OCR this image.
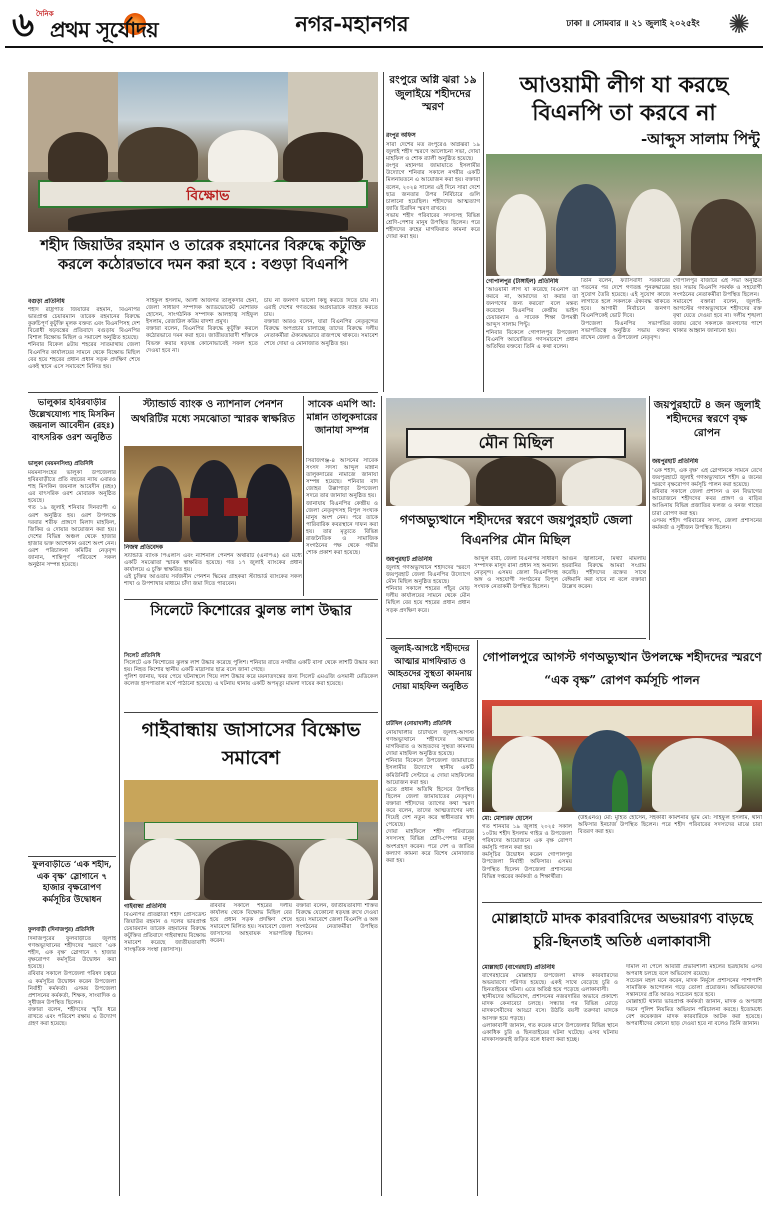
৬ দৈনিক
প্রথম সূর্যোদয়	নগর-মহানগর	ঢাকা ॥ সোমবার ॥ ২১ জুলাই ২০২৫ইং	✺
বিক্ষোভ
শহীদ জিয়াউর রহমান ও তারেক রহমানের বিরুদ্ধে কটুক্তি করলে কঠোরভাবে দমন করা হবে : বগুড়া বিএনপি
বগুড়া প্রতিনিধি
শহীদ রাষ্ট্রপতি জিয়াউর রহমান, বিএনপির ভারপ্রাপ্ত চেয়ারম্যান তারেক রহমানের বিরুদ্ধে কুরুচিপূর্ণ কুটুক্তি মূলক বক্তব্য এবং বিএনপিসহ দেশ বিরোধী ষড়যন্ত্রের প্রতিবাদে বগুড়ায় বিএনপির বিশাল বিক্ষোভ মিছিল ও সমাবেশ অনুষ্ঠিত হয়েছে।
শনিবার বিকেল ৪টায় শহরের সাতমাথায় জেলা বিএনপির কার্যালয়ের সামনে থেকে বিক্ষোভ মিছিল বের হয়ে শহরের প্রধান প্রধান সড়ক প্রদক্ষিণ শেষে একই স্থানে এসে সমাবেশে মিলিত হয়।
সাইফুল ইসলাম, আলী আজগর তালুকদার হেনা, জেলা সাধারণ সম্পাদক অ্যাডভোকেট মোশারফ হোসেন, সাংগঠনিক সম্পাদক আলহাজ্ব সাইফুল ইসলাম, রেজাউল করিম বাদশা প্রমুখ।
বক্তারা বলেন, বিএনপির বিরুদ্ধে কুটুক্তি করলে কঠোরভাবে দমন করা হবে। জাতীয়তাবাদী শক্তিকে বিভক্ত করার ষড়যন্ত্র কোনোভাবেই সফল হতে দেওয়া হবে না।
চায় না জনগণ ভালো কিছু করতে দিতে চায় না। এরাই দেশের গণতন্ত্রের অগ্রযাত্রাকে ব্যাহত করতে চায়।
বক্তারা আরও বলেন, যারা বিএনপির নেতৃবৃন্দের বিরুদ্ধে অপপ্রচার চালাচ্ছে তাদের বিরুদ্ধে দলীয় নেতাকর্মীরা ঐক্যবদ্ধভাবে রাজপথে থাকবে। সমাবেশ শেষে দোয়া ও মোনাজাত অনুষ্ঠিত হয়।
রংপুরে অগ্নি ঝরা ১৯ জুলাইয়ে শহীদদের স্মরণ
রংপুর অফিস
সারা দেশের মত রংপুরেও অগ্নিঝরা ১৯ জুলাই শহীদ স্মরণে আলোচনা সভা, দোয়া মাহফিল ও শোক র‍্যালী অনুষ্ঠিত হয়েছে।
রংপুর মহানগর জামায়াতে ইসলামীর উদ্যোগে শনিবার সকালে নগরীর একটি মিলনায়তনে এ আয়োজন করা হয়। বক্তারা বলেন, ২০২৪ সালের এই দিনে সারা দেশে ছাত্র জনতার উপর নির্বিচারে গুলি চালানো হয়েছিল। শহীদদের আত্মত্যাগ জাতি চিরদিন স্মরণ রাখবে।
সভায় শহীদ পরিবারের সদস্যসহ বিভিন্ন শ্রেণি-পেশার মানুষ উপস্থিত ছিলেন। পরে শহীদদের রুহের মাগফিরাত কামনা করে দোয়া করা হয়।
আওয়ামী লীগ যা করছে
বিএনপি তা করবে না
-আব্দুস সালাম পিন্টু
গোপালপুর (টাঙ্গাইল) প্রতিনিধি
‘আওয়ামী লীগ যা করেছে বিএনপি তা করবে না, আমাদের যা করার তা জনগণের জন্য করবো’ বলে মন্তব্য করেছেন বিএনপির কেন্দ্রীয় ভাইস চেয়ারম্যান ও সাবেক শিক্ষা উপমন্ত্রী আব্দুস সালাম পিন্টু।
শনিবার বিকেলে গোপালপুর উপজেলা বিএনপি আয়োজিত গণসমাবেশে প্রধান অতিথির বক্তব্যে তিনি এ কথা বলেন।
তিনি বলেন, ফ্যাসিবাদী সরকারের পতনের পর দেশে গণতন্ত্র পুনরুদ্ধারের সুযোগ তৈরি হয়েছে। এই সুযোগ কাজে লাগাতে হলে সকলকে ঐক্যবদ্ধ থাকতে হবে। আগামী নির্বাচনে জনগণ বিএনপিকেই ভোট দিবে।
উপজেলা বিএনপির সভাপতির সভাপতিত্বে অনুষ্ঠিত সভায় বক্তব্য রাখেন জেলা ও উপজেলা নেতৃবৃন্দ।
গোপালপুর বাজারে এই সভা অনুষ্ঠিত হয়। সভায় বিএনপি সমর্থক ও সহযোগী সংগঠনের নেতাকর্মীরা উপস্থিত ছিলেন।
সমাবেশে বক্তারা বলেন, জুলাই-আগস্টের গণঅভ্যুত্থানে শহীদদের রক্ত বৃথা যেতে দেওয়া হবে না। দলীয় শৃঙ্খলা বজায় রেখে সকলকে জনগণের পাশে থাকার আহ্বান জানানো হয়।
ভালুকার হবিরবাড়ীর উল্লেখযোগ্য শাহ মিসকিন জয়নাল আবেদীন (রহঃ) বাৎসরিক ওরশ অনুষ্ঠিত
ভালুকা (ময়মনসিংহ) প্রতিনিধি
ময়মনসিংহের ভালুকা উপজেলার হবিরবাড়ীতে প্রতি বছরের ন্যায় এবারও শাহ মিসকিন জয়নাল আবেদীন (রহঃ) এর বাৎসরিক ওরশ মোবারক অনুষ্ঠিত হয়েছে।
গত ১৯ জুলাই শনিবার দিনব্যাপী এ ওরশ অনুষ্ঠিত হয়। ওরশ উপলক্ষে দরবার শরীফ প্রাঙ্গণে মিলাদ মাহফিল, জিকির ও দোয়ার আয়োজন করা হয়। দেশের বিভিন্ন অঞ্চল থেকে হাজার হাজার ভক্ত আশেকান ওরশে অংশ নেন।
ওরশ পরিচালনা কমিটির নেতৃবৃন্দ জানান, শান্তিপূর্ণ পরিবেশে সকল অনুষ্ঠান সম্পন্ন হয়েছে।
ফুলবাড়ীতে ‘এক শহীদ, এক বৃক্ষ’ স্লোগানে ৭ হাজার বৃক্ষরোপণ কর্মসূচির উদ্বোধন
ফুলবাড়ী (দিনাজপুর) প্রতিনিধি
দিনাজপুরের ফুলবাড়ীতে জুলাই গণঅভ্যুত্থানের শহীদদের স্মরণে ‘এক শহীদ, এক বৃক্ষ’ স্লোগানে ৭ হাজার বৃক্ষরোপণ কর্মসূচির উদ্বোধন করা হয়েছে।
রবিবার সকালে উপজেলা পরিষদ চত্বরে এ কর্মসূচির উদ্বোধন করেন উপজেলা নির্বাহী কর্মকর্তা। এসময় উপজেলা প্রশাসনের কর্মকর্তা, শিক্ষক, সাংবাদিক ও সুধীজন উপস্থিত ছিলেন।
বক্তারা বলেন, শহীদদের স্মৃতি ধরে রাখতে এবং পরিবেশ রক্ষায় এ উদ্যোগ গ্রহণ করা হয়েছে।
স্ট্যান্ডার্ড ব্যাংক ও ন্যাশনাল পেনশন অথরিটির মধ্যে সমঝোতা স্মারক স্বাক্ষরিত
নিজস্ব প্রতিবেদক
স্ট্যান্ডার্ড ব্যাংক পিএলসি এবং ন্যাশনাল পেনশন অথরিটি (এনপিএ) এর মধ্যে একটি সমঝোতা স্মারক স্বাক্ষরিত হয়েছে। গত ১৭ জুলাই ব্যাংকের প্রধান কার্যালয়ে এ চুক্তি স্বাক্ষরিত হয়।
এই চুক্তির আওতায় সর্বজনীন পেনশন স্কিমের গ্রাহকরা স্ট্যান্ডার্ড ব্যাংকের সকল শাখা ও উপশাখার মাধ্যমে চাঁদা জমা দিতে পারবেন।
সাবেক এমপি আ: মান্নান তালুকদারের জানাযা সম্পন্ন
সিরাজগঞ্জ-৪ আসনের সাবেক সংসদ সদস্য আব্দুল মান্নান তালুকদারের নামাজে জানাযা সম্পন্ন হয়েছে। শনিবার বাদ জোহর উল্লাপাড়া উপজেলা সদরে তার জানাযা অনুষ্ঠিত হয়।
জানাযায় বিএনপির কেন্দ্রীয় ও জেলা নেতৃবৃন্দসহ বিপুল সংখ্যক মানুষ অংশ নেন। পরে তাকে পারিবারিক কবরস্থানে দাফন করা হয়। তার মৃত্যুতে বিভিন্ন রাজনৈতিক ও সামাজিক সংগঠনের পক্ষ থেকে গভীর শোক প্রকাশ করা হয়েছে।
সিলেটে কিশোরের ঝুলন্ত লাশ উদ্ধার

সিলেট প্রতিনিধি
সিলেটে এক কিশোরের ঝুলন্ত লাশ উদ্ধার করেছে পুলিশ। শনিবার রাতে নগরীর একটি বাসা থেকে লাশটি উদ্ধার করা হয়। নিহত কিশোর স্থানীয় একটি মাদ্রাসার ছাত্র বলে জানা গেছে।
পুলিশ জানায়, খবর পেয়ে ঘটনাস্থলে গিয়ে লাশ উদ্ধার করে ময়নাতদন্তের জন্য সিলেট এমএজি ওসমানী মেডিকেল কলেজ হাসপাতাল মর্গে পাঠানো হয়েছে। এ ঘটনায় থানায় একটি অপমৃত্যু মামলা দায়ের করা হয়েছে।

গাইবান্ধায় জাসাসের বিক্ষোভ সমাবেশ
গাইবান্ধা প্রতিনিধি
বিএনপির প্রতিষ্ঠাতা শহীদ প্রেসিডেন্ট জিয়াউর রহমান ও দলের ভারপ্রাপ্ত চেয়ারম্যান তারেক রহমানের বিরুদ্ধে কটুক্তির প্রতিবাদে গাইবান্ধায় বিক্ষোভ সমাবেশ করেছে জাতীয়তাবাদী সাংস্কৃতিক সংস্থা (জাসাস)।
রবিবার সকালে শহরের দলীয় কার্যালয় থেকে বিক্ষোভ মিছিল বের হয়ে প্রধান সড়ক প্রদক্ষিণ শেষে সমাবেশে মিলিত হয়। সমাবেশে জেলা জাসাসের আহবায়ক সভাপতিত্ব করেন।
বক্তারা বলেন, জাতীয়তাবাদী শক্তির বিরুদ্ধে যেকোনো ষড়যন্ত্র রুখে দেওয়া হবে। সমাবেশে জেলা বিএনপি ও অঙ্গ সংগঠনের নেতাকর্মীরা উপস্থিত ছিলেন।
মৌন মিছিল
গণঅভ্যুত্থানে শহীদদের স্বরণে জয়পুরহাট জেলা বিএনপির মৌন মিছিল
জয়পুরহাট প্রতিনিধি
জুলাই গণঅভ্যুত্থানে শহীদদের স্মরণে জয়পুরহাট জেলা বিএনপির উদ্যোগে মৌন মিছিল অনুষ্ঠিত হয়েছে।
শনিবার সকালে শহরের পাঁচুর মোড় দলীয় কার্যালয়ের সামনে থেকে মৌন মিছিল বের হয়ে শহরের প্রধান প্রধান সড়ক প্রদক্ষিণ করে।
আব্দুল বারী, জেলা বিএনপির সাধারণ সম্পাদক মাসুদ রানা প্রধান সহ অন্যান্য নেতৃবৃন্দ। এসময় জেলা বিএনপিসহ অঙ্গ ও সহযোগী সংগঠনের বিপুল সংখ্যক নেতাকর্মী উপস্থিত ছিলেন।
আগুন জ্বালানো, মিথ্যা মামলায় হয়রানির বিরুদ্ধে আমরা সংগ্রাম করেছি। শহীদদের রক্তের সাথে বেঈমানি করা যাবে না বলে বক্তারা উল্লেখ করেন।
জয়পুরহাটে ৪ জন জুলাই শহীদদের স্বরণে বৃক্ষ রোপন
জয়পুরহাট প্রতিনিধি
‘এক শহীদ, এক বৃক্ষ’ এই স্লোগানকে সামনে রেখে জয়পুরহাটে জুলাই গণঅভ্যুত্থানে শহীদ ৪ জনের স্মরণে বৃক্ষরোপণ কর্মসূচি পালন করা হয়েছে।
রবিবার সকালে জেলা প্রশাসন ও বন বিভাগের আয়োজনে শহীদদের কবর প্রাঙ্গণ ও বাড়ির আঙিনায় বিভিন্ন প্রজাতির ফলজ ও বনজ গাছের চারা রোপণ করা হয়।
এসময় শহীদ পরিবারের সদস্য, জেলা প্রশাসনের কর্মকর্তা ও সুধীজন উপস্থিত ছিলেন।
জুলাই-আগষ্টে শহীদদের আত্মার মাগফিরাত ও আহতদের সুস্থতা কামনায় দোয়া মাহফিল অনুষ্ঠিত
চাটখিল (নোয়াখালী) প্রতিনিধি
নোয়াখালীর চাটখিলে জুলাই-আগস্ট গণঅভ্যুত্থানে শহীদদের আত্মার মাগফিরাত ও আহতদের সুস্থতা কামনায় দোয়া মাহফিল অনুষ্ঠিত হয়েছে।
শনিবার বিকেলে উপজেলা জামায়াতে ইসলামীর উদ্যোগে স্থানীয় একটি কমিউনিটি সেন্টারে এ দোয়া মাহফিলের আয়োজন করা হয়।
এতে প্রধান অতিথি হিসেবে উপস্থিত ছিলেন জেলা জামায়াতের নেতৃবৃন্দ। বক্তারা শহীদদের ত্যাগের কথা স্মরণ করে বলেন, তাদের আত্মত্যাগের মধ্য দিয়েই দেশ নতুন করে স্বাধীনতার স্বাদ পেয়েছে।
দোয়া মাহফিলে শহীদ পরিবারের সদস্যসহ বিভিন্ন শ্রেণি-পেশার মানুষ অংশগ্রহণ করেন। পরে দেশ ও জাতির কল্যাণ কামনা করে বিশেষ মোনাজাত করা হয়।
গোপালপুরে আগস্ট গণঅভ্যুত্থান উপলক্ষে শহীদদের স্মরণে “এক বৃক্ষ” রোপণ কর্মসূচি পালন
মো: মোশারফ হোসেন
গত শনিবার ১৯ জুলাই ২০২৫ সকাল ১০টায় শহীদ ইসলাম গাইড ও উপজেলা পরিষদের আয়োজনে এক বৃক্ষ রোপণ কর্মসূচি পালন করা হয়।
কর্মসূচির উদ্বোধন করেন গোপালপুর উপজেলা নির্বাহী অফিসার। এসময় উপস্থিত ছিলেন উপজেলা প্রশাসনের বিভিন্ন দপ্তরের কর্মকর্তা ও শিক্ষার্থীরা।
(উইএনও) মো: মুহিত হোসেন, সহকারী কমিশনার ভূমি মো: সাইফুল ইসলাম, থানা অফিসার ইনচার্জ উপস্থিত ছিলেন। পরে শহীদ পরিবারের সদস্যদের মাঝে চারা বিতরণ করা হয়।
মোল্লাহাটে মাদক কারবারিদের অভয়ারণ্য বাড়ছে চুরি-ছিনতাই অতিষ্ঠ এলাকাবাসী
মোল্লাহাট (বাগেরহাট) প্রতিনিধি
বাগেরহাটের মোল্লাহাট উপজেলা মাদক কারবারিদের অভয়ারণ্যে পরিণত হয়েছে। একই সাথে বেড়েছে চুরি ও ছিনতাইয়ের ঘটনা। এতে অতিষ্ঠ হয়ে পড়েছে এলাকাবাসী।
স্থানীয়দের অভিযোগ, প্রশাসনের নজরদারির অভাবে প্রকাশ্যে মাদক কেনাবেচা চলছে। সন্ধ্যার পর বিভিন্ন মোড়ে মাদকসেবীদের আড্ডা বসে। উঠতি বয়সী তরুণরা মাদকে আসক্ত হয়ে পড়ছে।
এলাকাবাসী জানান, গত কয়েক মাসে উপজেলার বিভিন্ন স্থানে একাধিক চুরি ও ছিনতাইয়ের ঘটনা ঘটেছে। এসব ঘটনায় মাদকাসক্তরাই জড়িত বলে ধারণা করা হচ্ছে।
দামাল না পেলে আবারী প্রভাবশালী মহলের ছত্রছায়ায় এসব অপরাধ চলছে বলে অভিযোগ রয়েছে।
সচেতন মহল মনে করেন, মাদক নির্মূলে প্রশাসনের পাশাপাশি সামাজিক আন্দোলন গড়ে তোলা প্রয়োজন। অভিভাবকদের সন্তানদের প্রতি আরও সচেতন হতে হবে।
মোল্লাহাট থানার ভারপ্রাপ্ত কর্মকর্তা জানান, মাদক ও অপরাধ দমনে পুলিশ নিয়মিত অভিযান পরিচালনা করছে। ইতোমধ্যে বেশ কয়েকজন মাদক কারবারিকে আটক করা হয়েছে। অপরাধীদের কোনো ছাড় দেওয়া হবে না বলেও তিনি জানান।
